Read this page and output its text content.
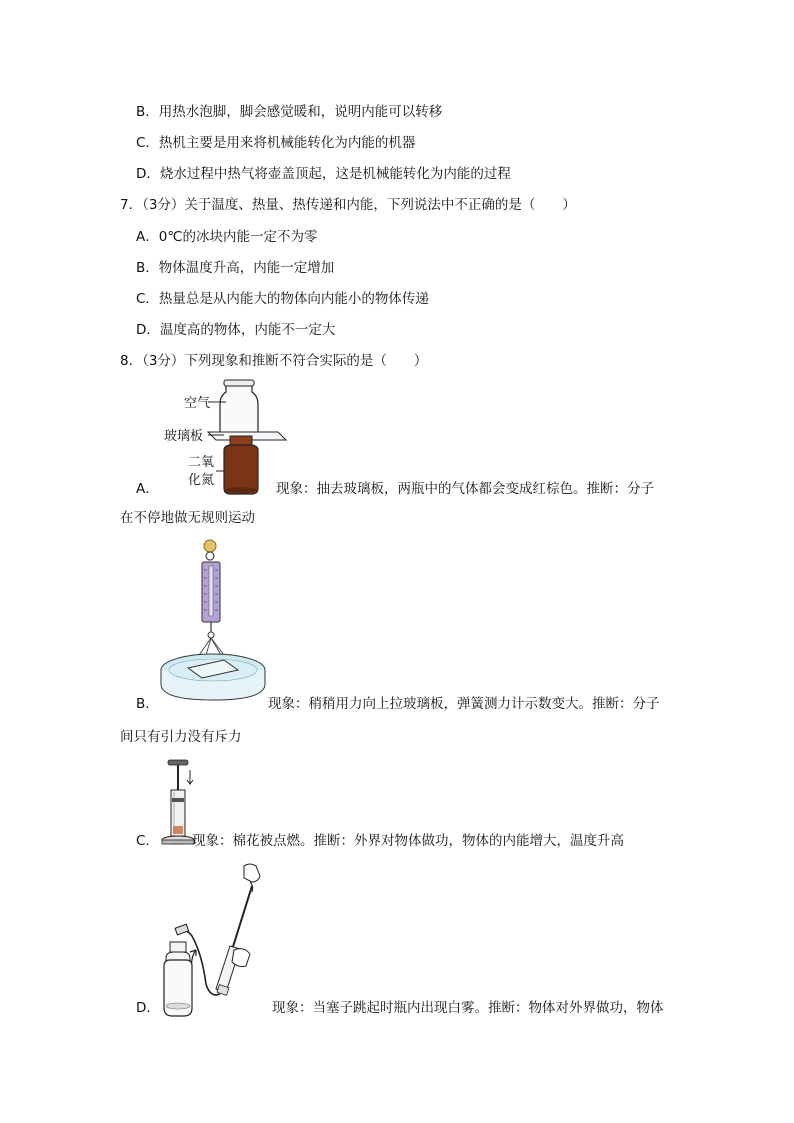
B．用热水泡脚，脚会感觉暖和，说明内能可以转移
C．热机主要是用来将机械能转化为内能的机器
D．烧水过程中热气将壶盖顶起，这是机械能转化为内能的过程
7．（3分）关于温度、热量、热传递和内能，下列说法中不正确的是（　　）
A．0℃的冰块内能一定不为零
B．物体温度升高，内能一定增加
C．热量总是从内能大的物体向内能小的物体传递
D．温度高的物体，内能不一定大
8．（3分）下列现象和推断不符合实际的是（　　）
空气
玻璃板
二氧
化氮
A．	现象：抽去玻璃板，两瓶中的气体都会变成红棕色。推断：分子
在不停地做无规则运动
B．	现象：稍稍用力向上拉玻璃板，弹簧测力计示数变大。推断：分子
间只有引力没有斥力
C． 现象：棉花被点燃。推断：外界对物体做功，物体的内能增大，温度升高
D．	现象：当塞子跳起时瓶内出现白雾。推断：物体对外界做功，物体
